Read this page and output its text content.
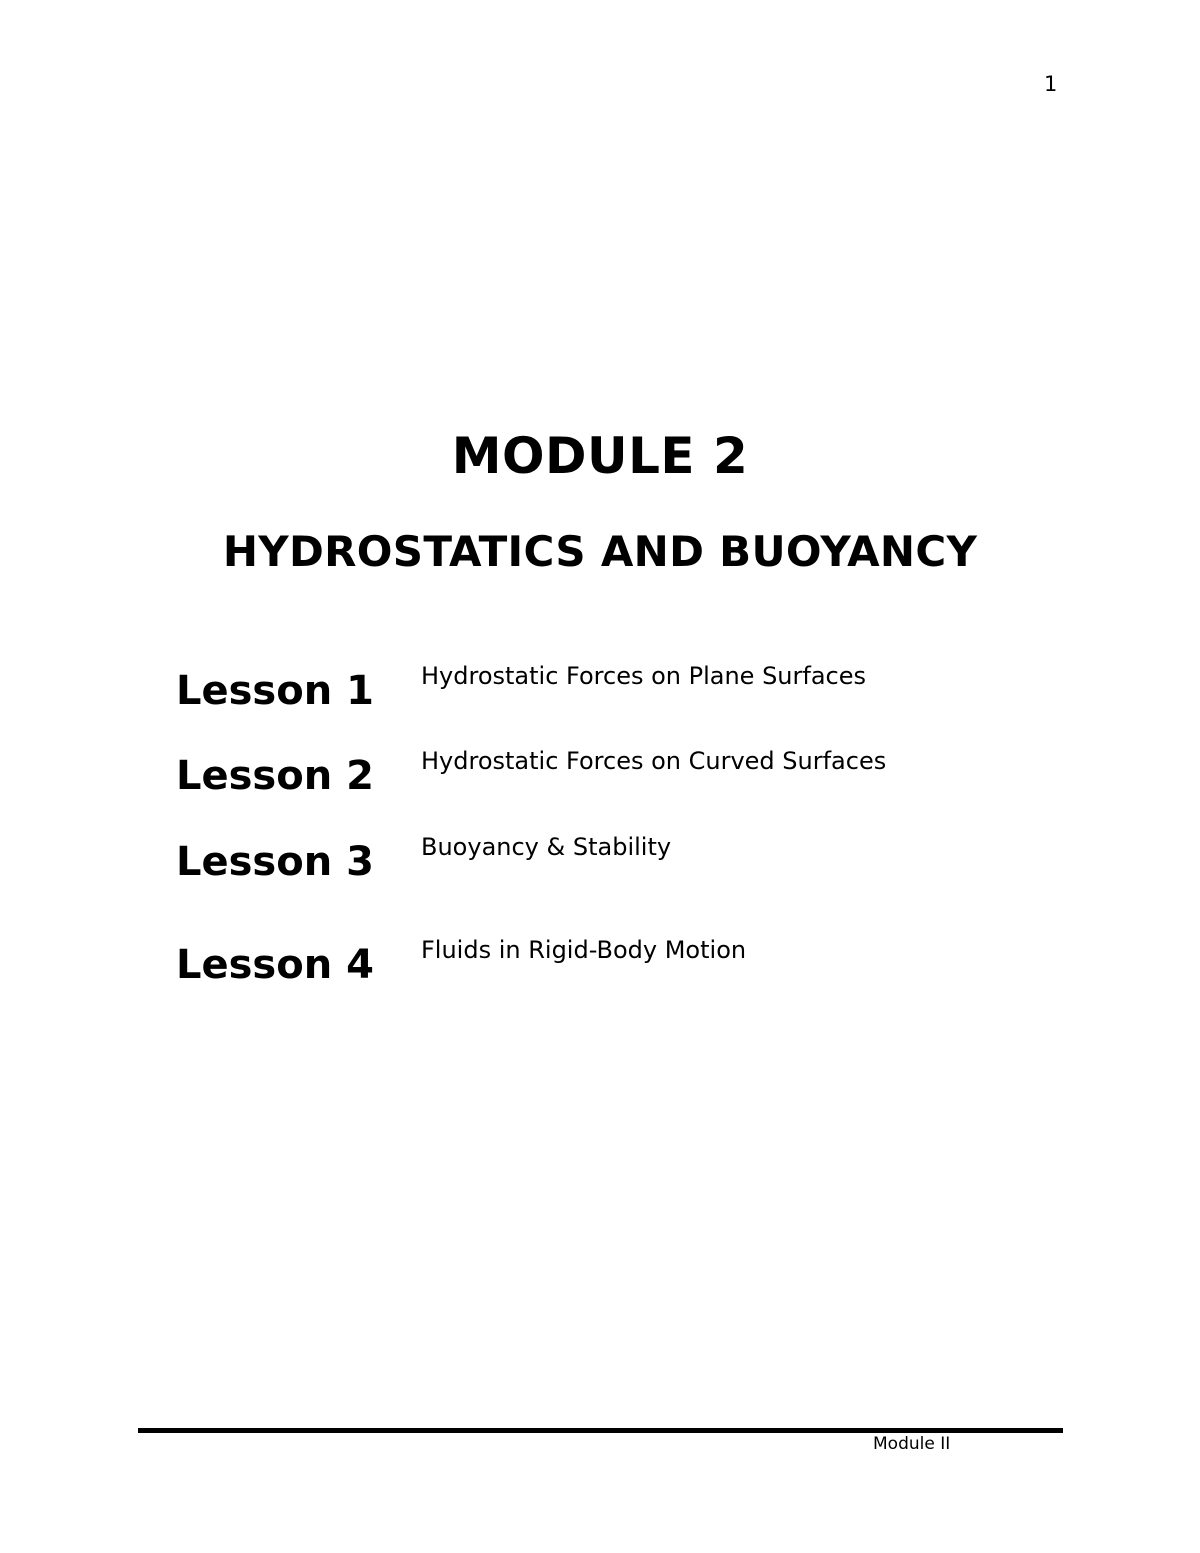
1
MODULE 2
HYDROSTATICS AND BUOYANCY
Lesson 1 Hydrostatic Forces on Plane Surfaces
Lesson 2 Hydrostatic Forces on Curved Surfaces
Lesson 3 Buoyancy & Stability
Lesson 4 Fluids in Rigid-Body Motion
Module II
